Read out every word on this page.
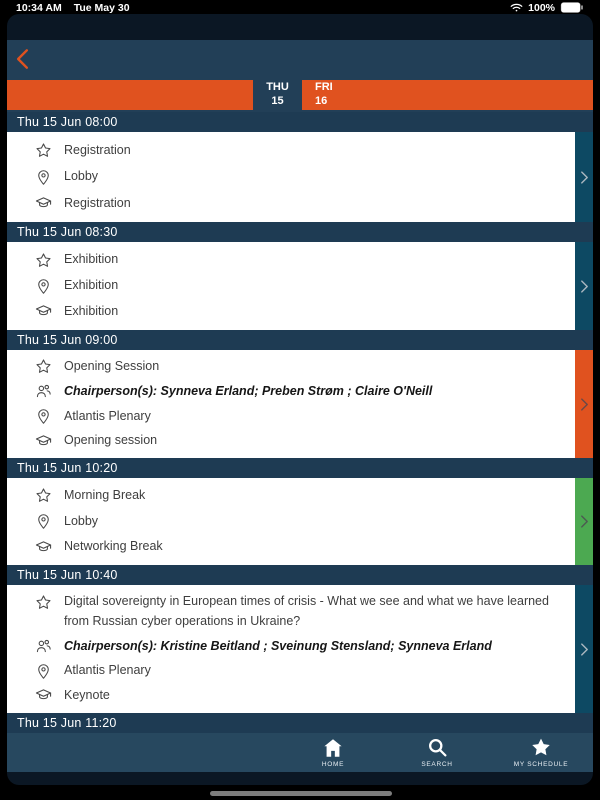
10:34 AM Tue May 30	100%
THU
15
FRI
16
Thu 15 Jun 08:00
Registration
Lobby
Registration
Thu 15 Jun 08:30
Exhibition
Exhibition
Exhibition
Thu 15 Jun 09:00
Opening Session
Chairperson(s): Synneva Erland; Preben Strøm ; Claire O'Neill
Atlantis Plenary
Opening session
Thu 15 Jun 10:20
Morning Break
Lobby
Networking Break
Thu 15 Jun 10:40
Digital sovereignty in European times of crisis - What we see and what we have learned from Russian cyber operations in Ukraine?
Chairperson(s): Kristine Beitland ; Sveinung Stensland; Synneva Erland
Atlantis Plenary
Keynote
Thu 15 Jun 11:20
HOME	SEARCH	MY SCHEDULE
